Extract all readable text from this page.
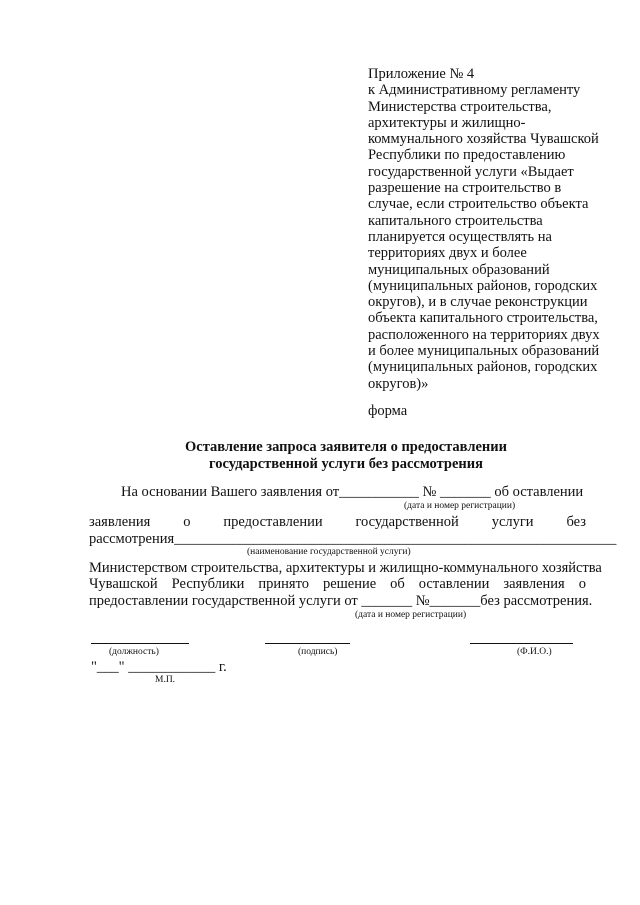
Приложение № 4
к Административному регламенту
Министерства строительства,
архитектуры и жилищно-
коммунального хозяйства Чувашской
Республики по предоставлению
государственной услуги «Выдает
разрешение на строительство в
случае, если строительство объекта
капитального строительства
планируется осуществлять на
территориях двух и более
муниципальных образований
(муниципальных районов, городских
округов), и в случае реконструкции
объекта капитального строительства,
расположенного на территориях двух
и более муниципальных образований
(муниципальных районов, городских
округов)»
форма
Оставление запроса заявителя о предоставлении
государственной услуги без рассмотрения
На основании Вашего заявления от___________ № _______ об оставлении
(дата и номер регистрации)
заявления о предоставлении государственной услуги без
рассмотрения_____________________________________________________________
(наименование государственной услуги)
Министерством строительства, архитектуры и жилищно-коммунального хозяйства
Чувашской Республики принято решение об оставлении заявления о
предоставлении государственной услуги от _______ №_______без рассмотрения.
(дата и номер регистрации)
(должность)	(подпись)	(Ф.И.О.)
"___" ____________ г.
М.П.
